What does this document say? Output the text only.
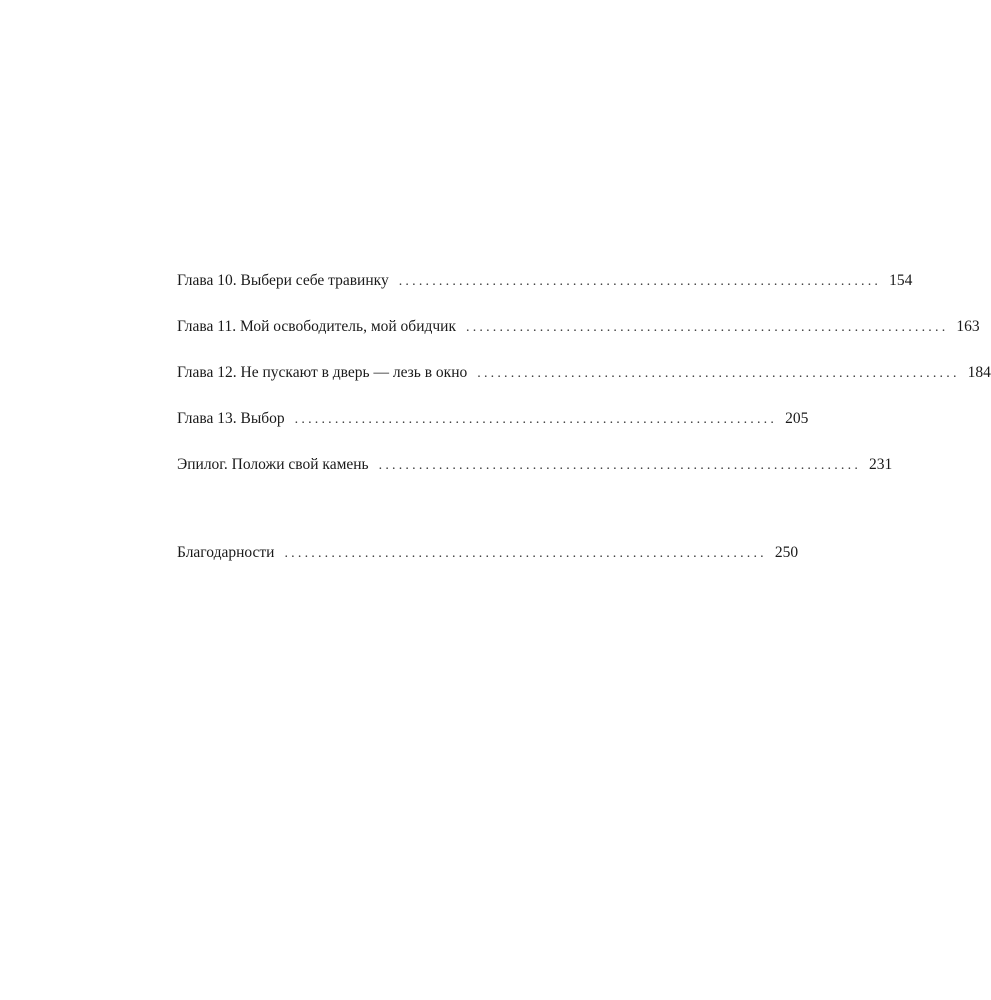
Глава 10. Выбери себе травинку ........................................................................ 154
Глава 11. Мой освободитель, мой обидчик ........................................................................ 163
Глава 12. Не пускают в дверь — лезь в окно ........................................................................ 184
Глава 13. Выбор ........................................................................ 205
Эпилог. Положи свой камень ........................................................................ 231
Благодарности ........................................................................ 250
